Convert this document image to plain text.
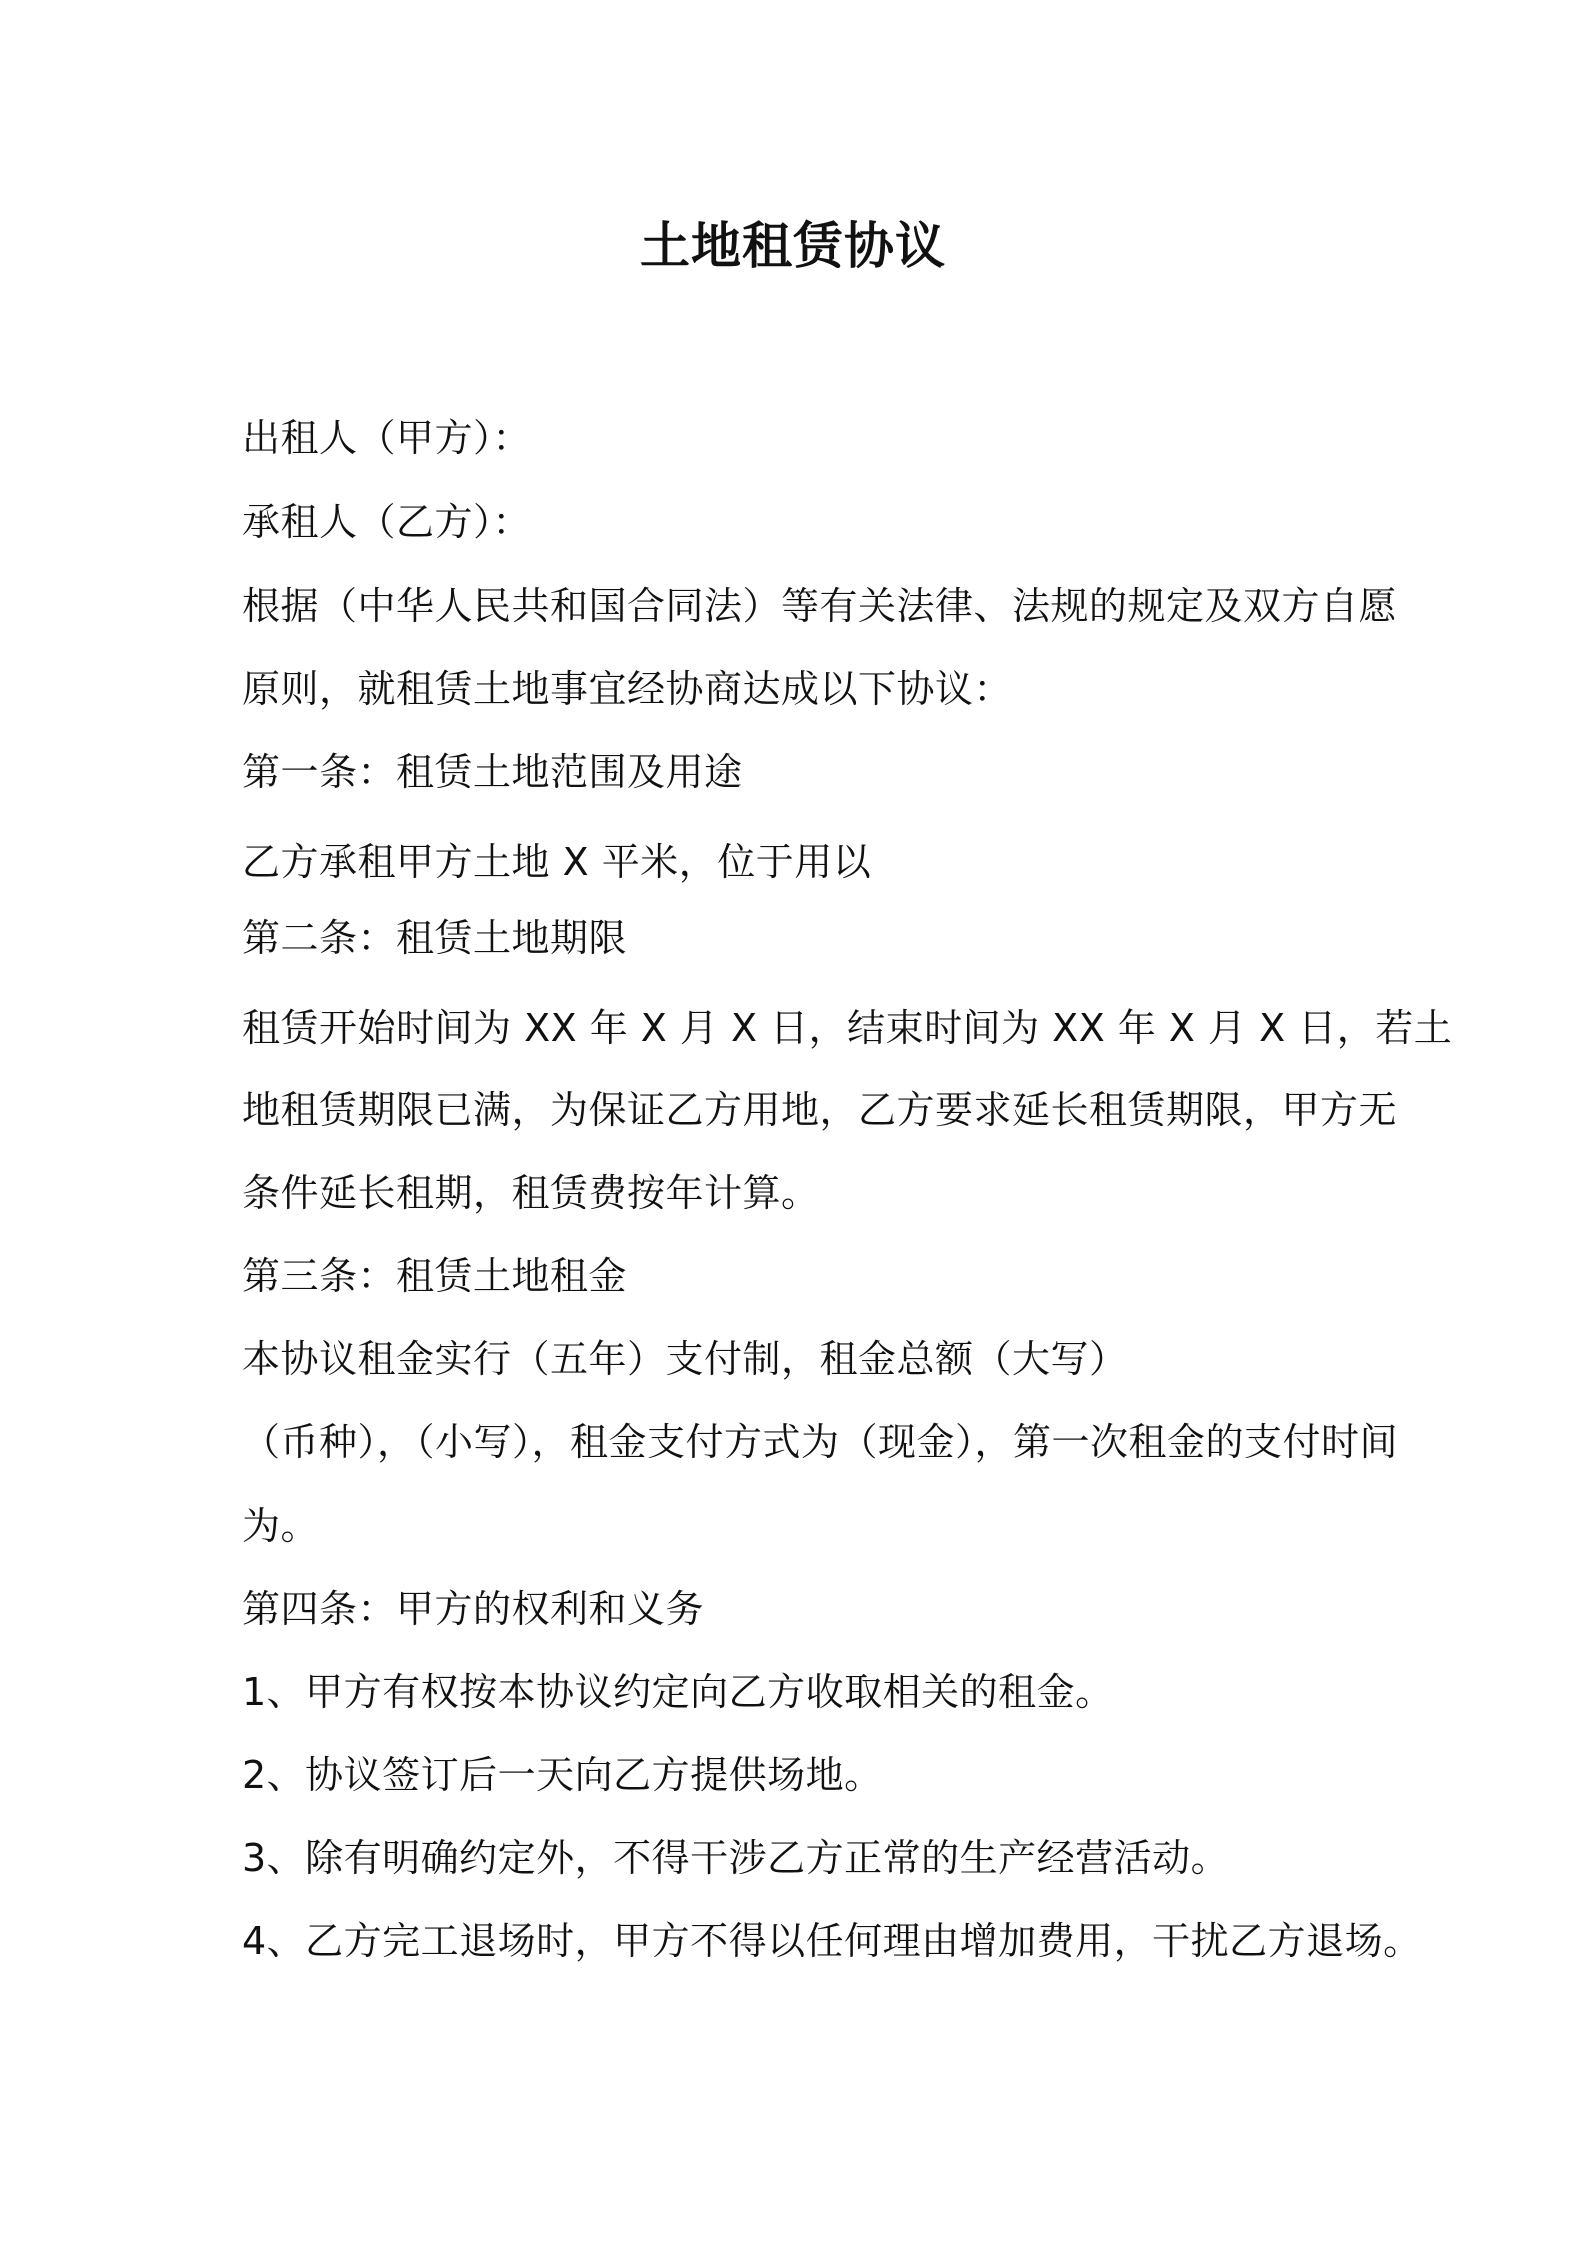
土地租赁协议

出租人（甲方）：

承租人（乙方）：

根据（中华人民共和国合同法）等有关法律、法规的规定及双方自愿

原则，就租赁土地事宜经协商达成以下协议：

第一条：租赁土地范围及用途

乙方承租甲方土地 X 平米，位于用以

第二条：租赁土地期限

租赁开始时间为 XX 年 X 月 X 日，结束时间为 XX 年 X 月 X 日，若土

地租赁期限已满，为保证乙方用地，乙方要求延长租赁期限，甲方无

条件延长租期，租赁费按年计算。

第三条：租赁土地租金

本协议租金实行（五年）支付制，租金总额（大写）

（币种），（小写），租金支付方式为（现金），第一次租金的支付时间

为。

第四条：甲方的权利和义务

1、甲方有权按本协议约定向乙方收取相关的租金。

2、协议签订后一天向乙方提供场地。

3、除有明确约定外，不得干涉乙方正常的生产经营活动。

4、乙方完工退场时，甲方不得以任何理由增加费用，干扰乙方退场。
